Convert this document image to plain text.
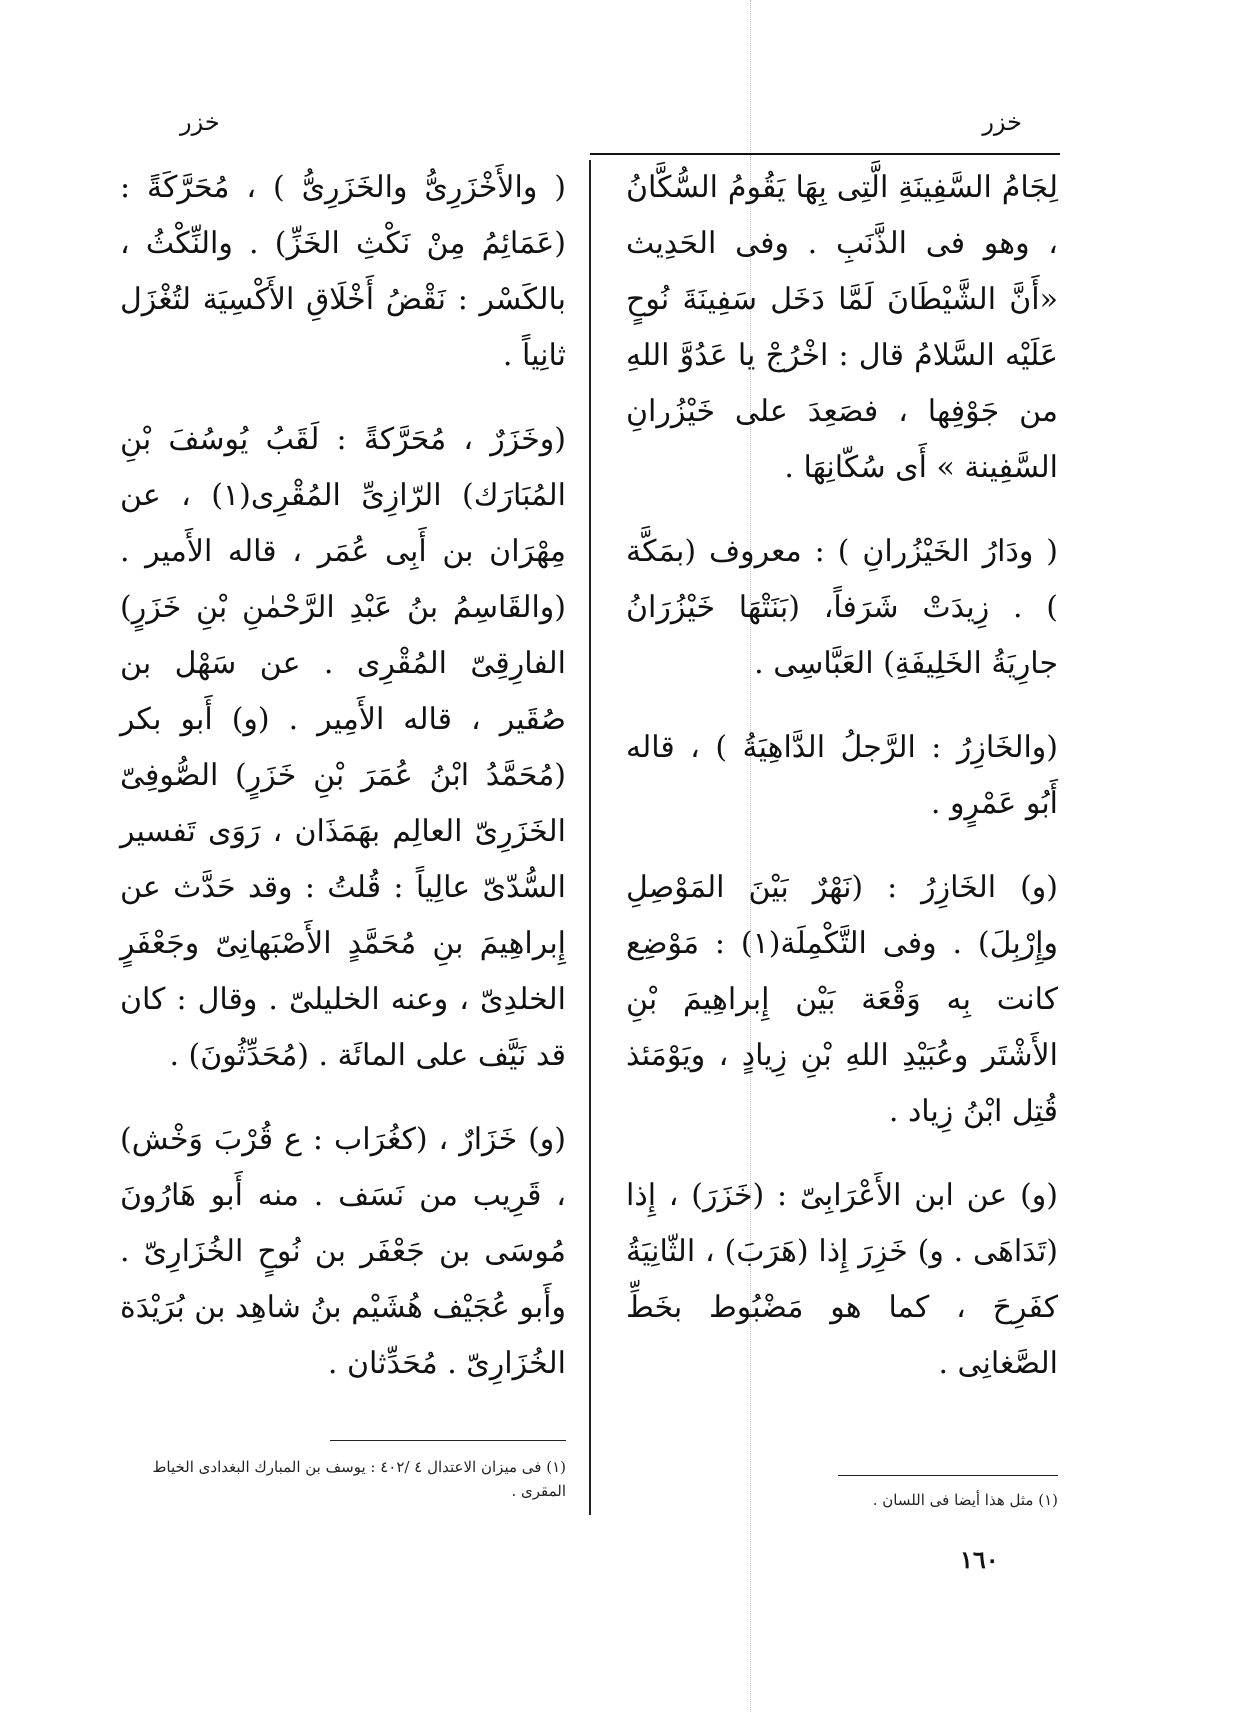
خزر
خزر

لِجَامُ السَّفِينَةِ الَّتِى بِهَا يَقُومُ السُّكَّانُ ، وهو فى الذَّنَبِ . وفى الحَدِيث «أَنَّ الشَّيْطَانَ لَمَّا دَخَل سَفِينَةَ نُوحٍ عَلَيْه السَّلامُ قال : اخْرُجْ يا عَدُوَّ اللهِ من جَوْفِها ، فصَعِدَ على خَيْزُرانِ السَّفِينة » أَى سُكّانِهَا .

( ودَارُ الخَيْزُرانِ ) : معروف (بمَكَّة ) . زِيدَتْ شَرَفاً، (بَنَتْهَا خَيْزُرَانُ جارِيَةُ الخَلِيفَةِ) العَبَّاسِى .

(والخَازِرُ : الرَّجلُ الدَّاهِيَةُ ) ، قاله أَبُو عَمْرٍو .

(و) الخَازِرُ : (نَهْرٌ بَيْنَ المَوْصِلِ وإِرْبِلَ) . وفى التَّكْمِلَة(١) : مَوْضِع كانت بِه وَقْعَة بَيْن إِبراهِيمَ بْنِ الأَشْتَر وعُبَيْدِ اللهِ بْنِ زِيادٍ ، ويَوْمَئذ قُتِل ابْنُ زِياد .

(و) عن ابن الأَعْرَابِىّ : (خَزَرَ) ، إِذا (تَدَاهَى . و) خَزِرَ إِذا (هَرَبَ) ، الثّانِيَةُ كفَرِحَ ، كما هو مَضْبُوط بخَطِّ الصَّغانِى .

( والأَخْزَرِىُّ والخَزَرِىُّ ) ، مُحَرَّكَةً : (عَمَائِمُ مِنْ نَكْثِ الخَزِّ) . والنِّكْثُ ، بالكَسْر : نَقْضُ أَخْلَاقِ الأَكْسِيَة لتُغْزَل ثانِياً .

(وخَزَرٌ ، مُحَرَّكةً : لَقَبُ يُوسُفَ بْنِ المُبَارَك) الرّازِىِّ المُقْرِى(١) ، عن مِهْرَان بن أَبِى عُمَر ، قاله الأَمير . (والقَاسِمُ بنُ عَبْدِ الرَّحْمٰنِ بْنِ خَزَرٍ) الفارِقِىّ المُقْرِى . عن سَهْل بن صُقَير ، قاله الأَمِير . (و) أَبو بكر (مُحَمَّدُ ابْنُ عُمَرَ بْنِ خَزَرٍ) الصُّوفِىّ الخَزَرِىّ العالِم بهَمَذَان ، رَوَى تَفسير السُّدّىّ عالِياً : قُلتُ : وقد حَدَّث عن إِبراهِيمَ بنِ مُحَمَّدٍ الأَصْبَهانِىّ وجَعْفَرٍ الخلدِىّ ، وعنه الخليلىّ . وقال : كان قد نَيَّف على المائَة . (مُحَدِّثُونَ) .

(و) خَزَارٌ ، (كغُرَاب : ع قُرْبَ وَخْش) ، قَرِيب من نَسَف . منه أَبو هَارُونَ مُوسَى بن جَعْفَر بن نُوحٍ الخُزَارِىّ . وأَبو عُجَيْف هُشَيْم بنُ شاهِد بن بُرَيْدَة الخُزَارِىّ . مُحَدِّثان .

(١) مثل هذا أيضا فى اللسان .
(١) فى ميزان الاعتدال ٤ /٤٠٢ : يوسف بن المبارك البغدادى الخياط المقرى .
١٦٠
